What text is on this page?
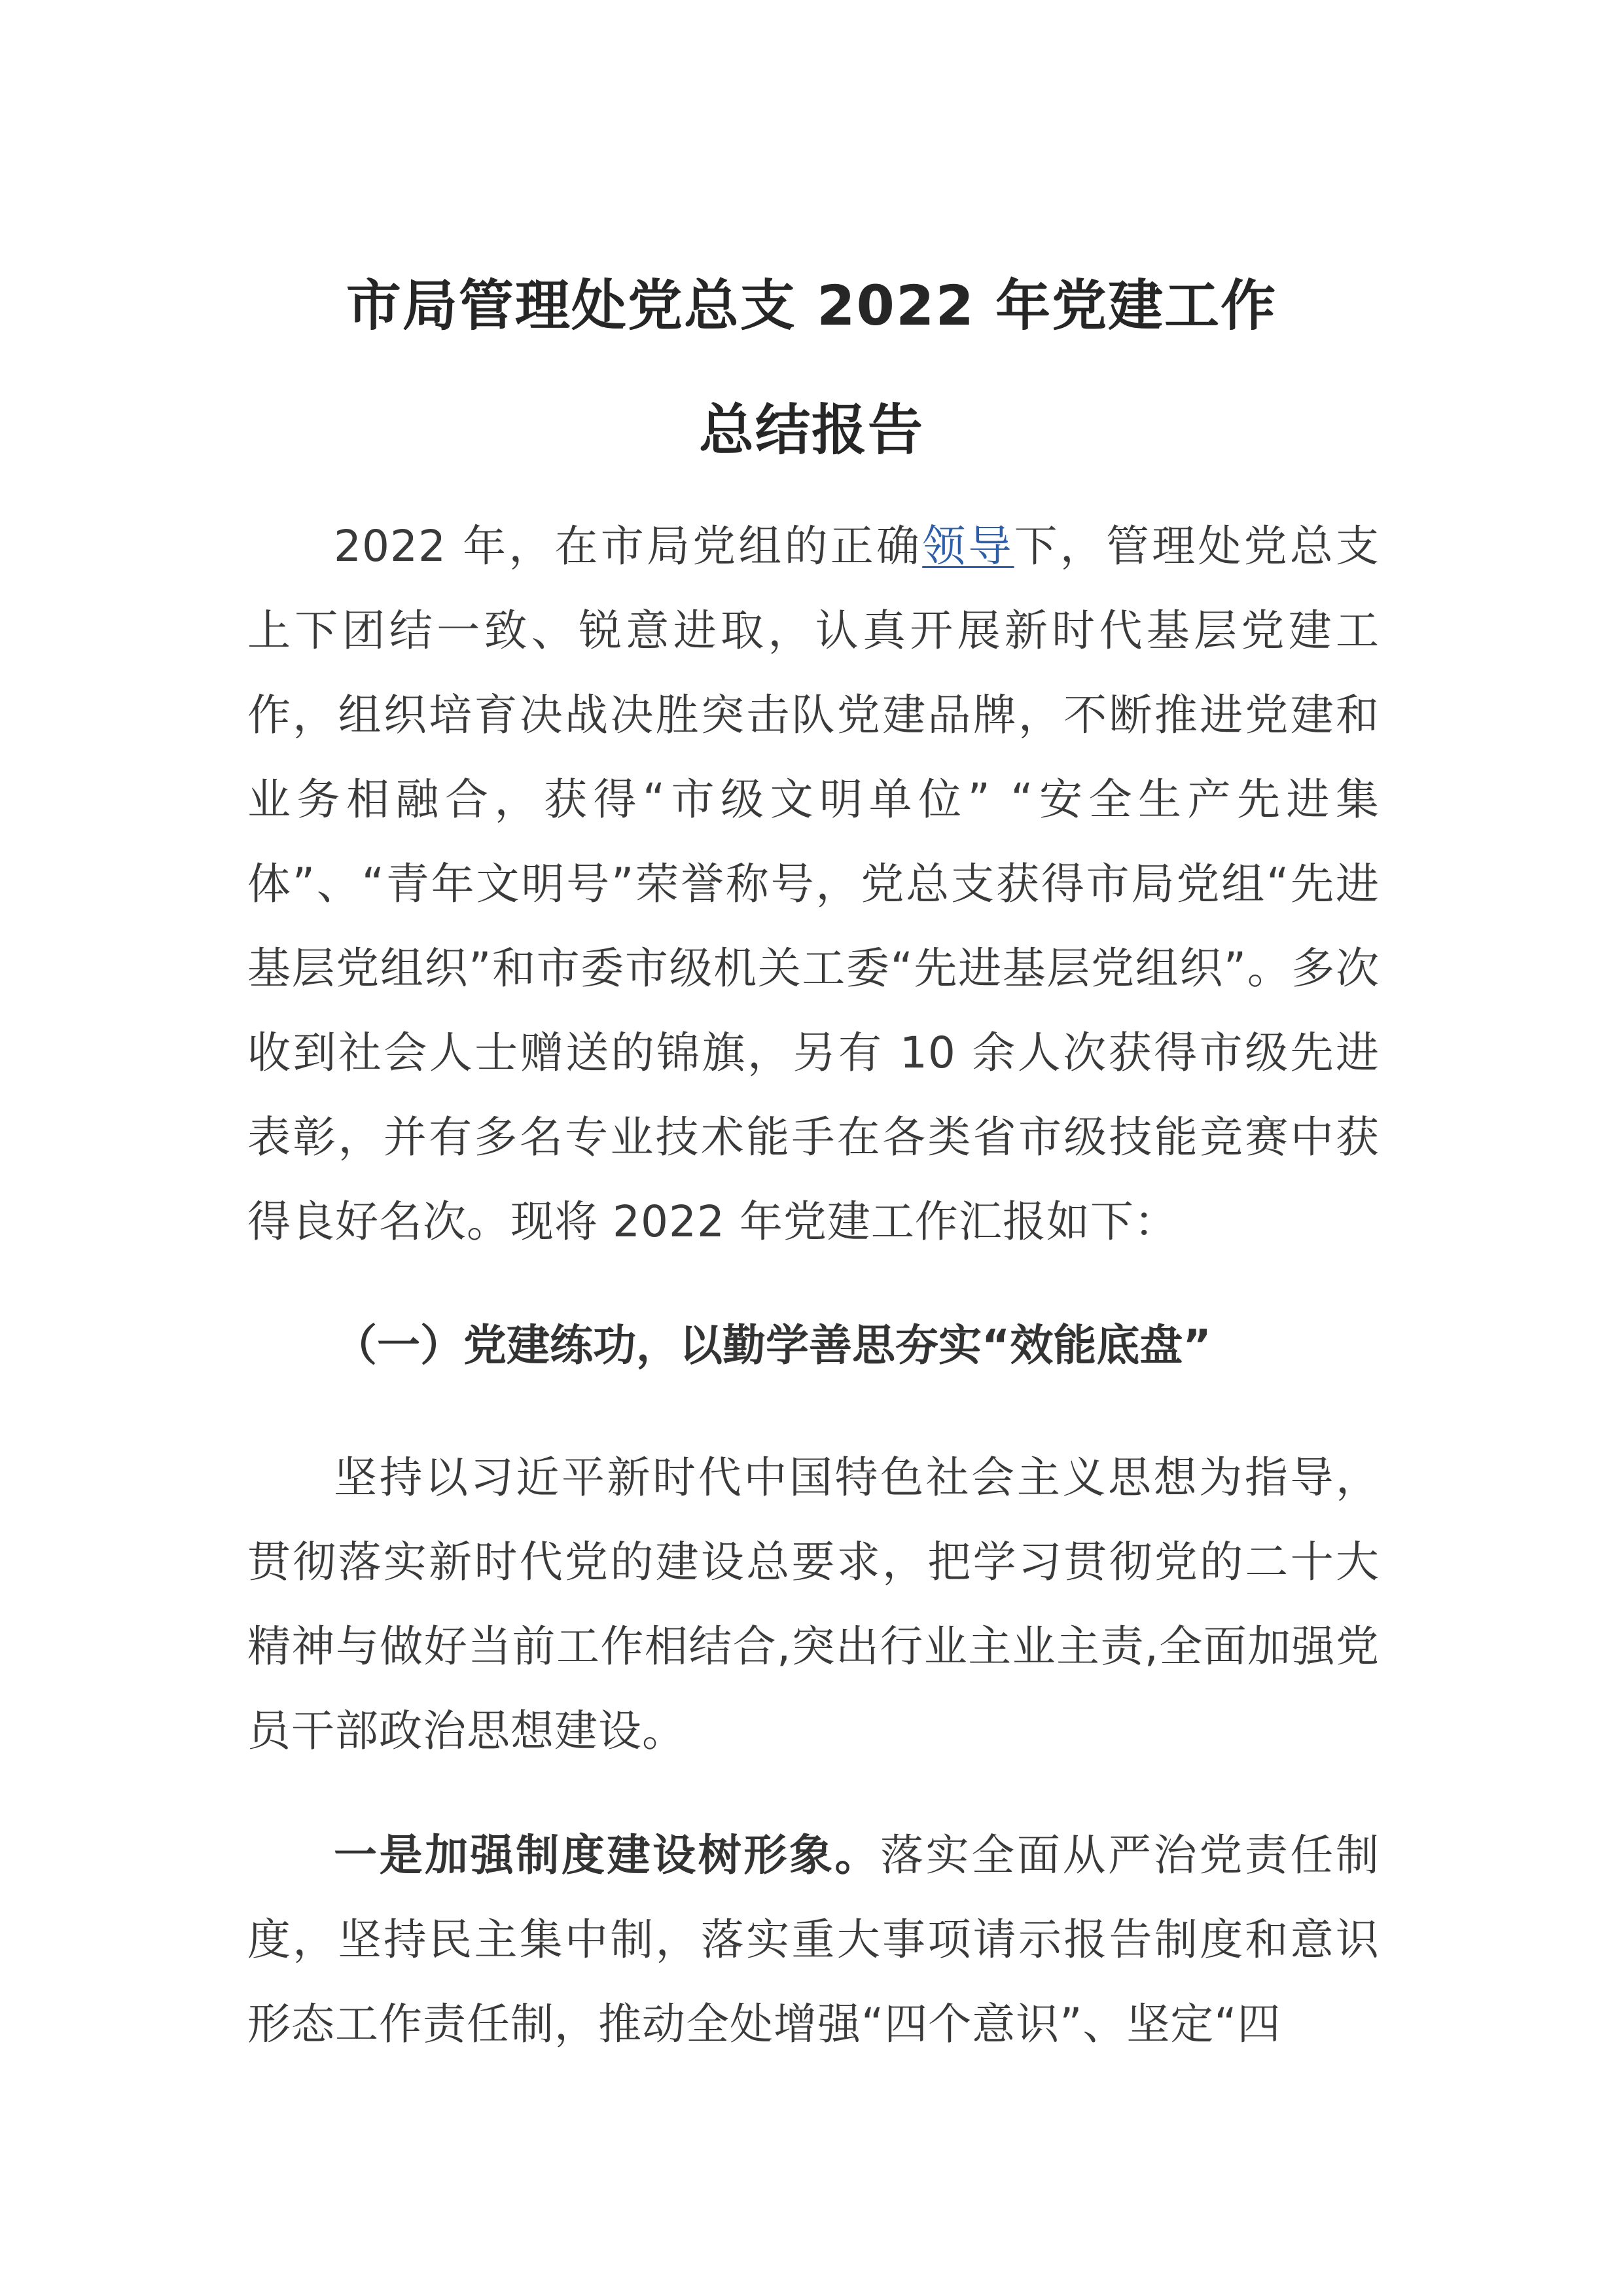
市局管理处党总支 2022 年党建工作
总结报告

2022 年，在市局党组的正确领导下，管理处党总支上下团结一致、锐意进取，认真开展新时代基层党建工作，组织培育决战决胜突击队党建品牌，不断推进党建和业务相融合，获得“市级文明单位” “安全生产先进集体”、“青年文明号”荣誉称号，党总支获得市局党组“先进基层党组织”和市委市级机关工委“先进基层党组织”。多次收到社会人士赠送的锦旗，另有 10 余人次获得市级先进表彰，并有多名专业技术能手在各类省市级技能竞赛中获得良好名次。现将 2022 年党建工作汇报如下：

（一）党建练功，以勤学善思夯实“效能底盘”

坚持以习近平新时代中国特色社会主义思想为指导，贯彻落实新时代党的建设总要求，把学习贯彻党的二十大精神与做好当前工作相结合,突出行业主业主责,全面加强党员干部政治思想建设。

一是加强制度建设树形象。落实全面从严治党责任制度，坚持民主集中制，落实重大事项请示报告制度和意识形态工作责任制，推动全处增强“四个意识”、坚定“四
